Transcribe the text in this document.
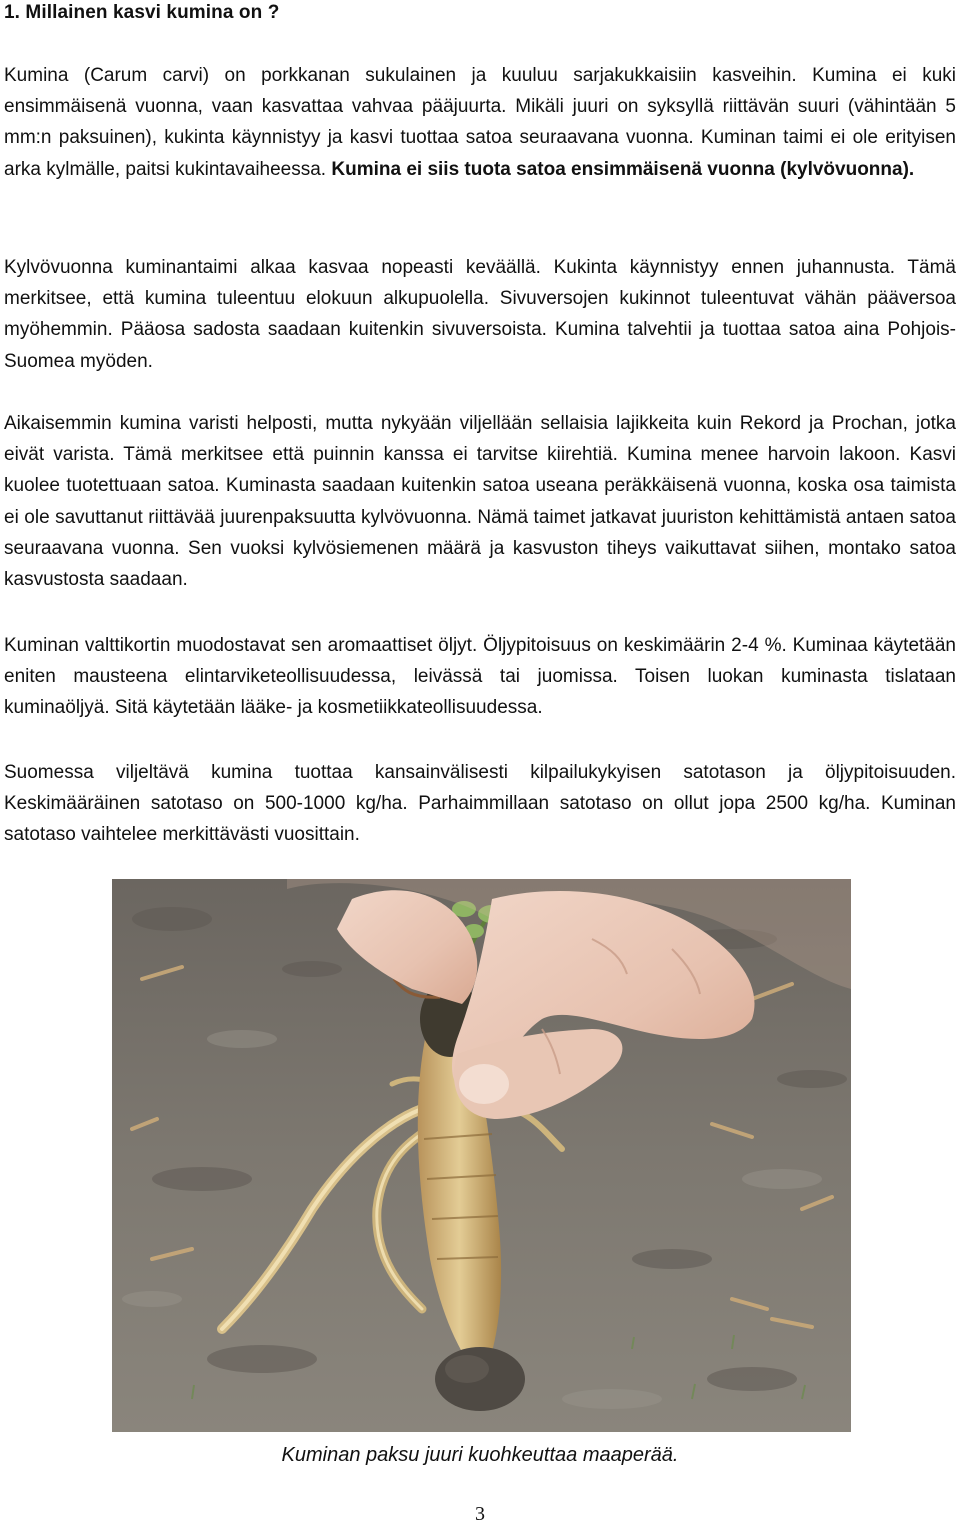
1. Millainen kasvi kumina on ?

Kumina (Carum carvi) on porkkanan sukulainen ja kuuluu sarjakukkaisiin kasveihin. Kumina ei kuki ensimmäisenä vuonna, vaan kasvattaa vahvaa pääjuurta. Mikäli juuri on syksyllä riittävän suuri (vähintään 5 mm:n paksuinen), kukinta käynnistyy ja kasvi tuottaa satoa seuraavana vuonna. Kuminan taimi ei ole erityisen arka kylmälle, paitsi kukintavaiheessa. Kumina ei siis tuota satoa ensimmäisenä vuonna (kylvövuonna).

Kylvövuonna kuminantaimi alkaa kasvaa nopeasti keväällä. Kukinta käynnistyy ennen juhannusta. Tämä merkitsee, että kumina tuleentuu elokuun alkupuolella. Sivuversojen kukinnot tuleentuvat vähän pääversoa myöhemmin. Pääosa sadosta saadaan kuitenkin sivuversoista. Kumina talvehtii ja tuottaa satoa aina Pohjois-Suomea myöden.

Aikaisemmin kumina varisti helposti, mutta nykyään viljellään sellaisia lajikkeita kuin Rekord ja Prochan, jotka eivät varista. Tämä merkitsee että puinnin kanssa ei tarvitse kiirehtiä. Kumina menee harvoin lakoon. Kasvi kuolee tuotettuaan satoa. Kuminasta saadaan kuitenkin satoa useana peräkkäisenä vuonna, koska osa taimista ei ole savuttanut riittävää juurenpaksuutta kylvövuonna. Nämä taimet jatkavat juuriston kehittämistä antaen satoa seuraavana vuonna. Sen vuoksi kylvösiemenen määrä ja kasvuston tiheys vaikuttavat siihen, montako satoa kasvustosta saadaan.

Kuminan valttikortin muodostavat sen aromaattiset öljyt. Öljypitoisuus on keskimäärin 2-4 %. Kuminaa käytetään eniten mausteena elintarviketeollisuudessa, leivässä tai juomissa. Toisen luokan kuminasta tislataan kuminaöljyä. Sitä käytetään lääke- ja kosmetiikkateollisuudessa.

Suomessa viljeltävä kumina tuottaa kansainvälisesti kilpailukykyisen satotason ja öljypitoisuuden. Keskimääräinen satotaso on 500-1000 kg/ha. Parhaimmillaan satotaso on ollut jopa 2500 kg/ha. Kuminan satotaso vaihtelee merkittävästi vuosittain.

Kuminan paksu juuri kuohkeuttaa maaperää.
3
